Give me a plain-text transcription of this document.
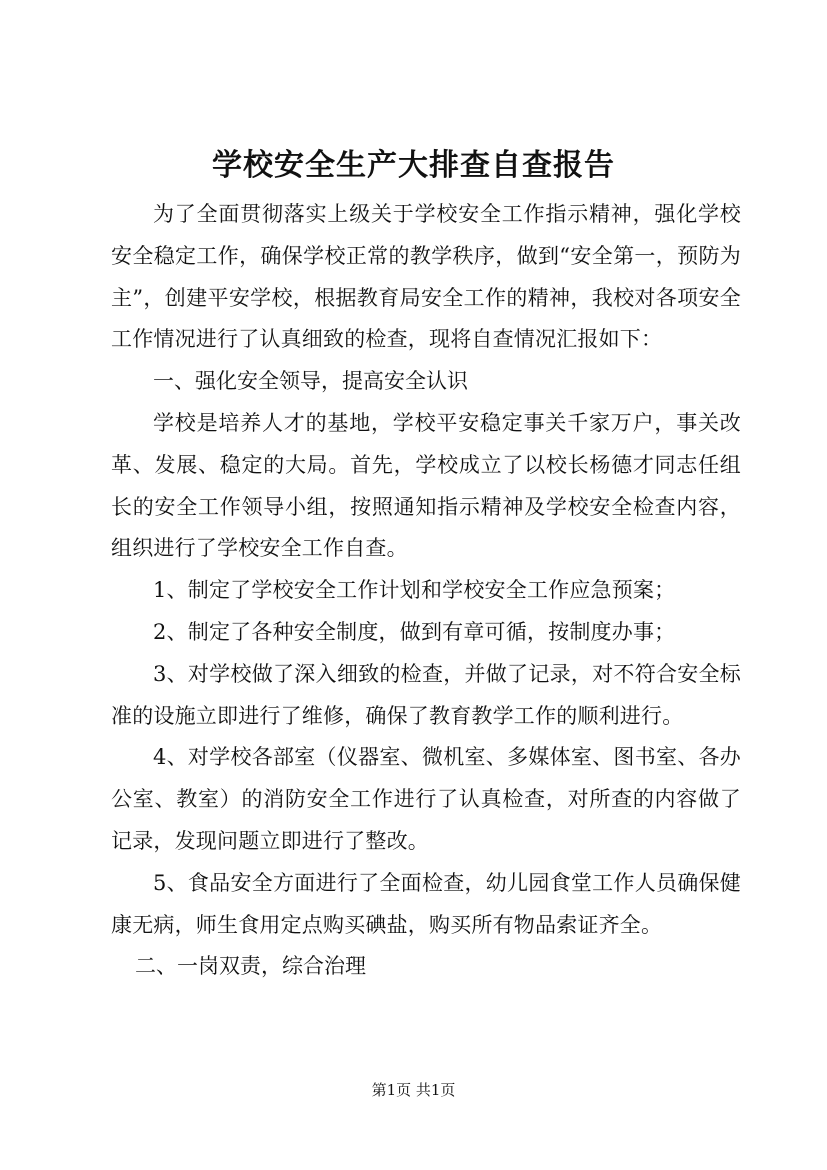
学校安全生产大排查自查报告

为了全面贯彻落实上级关于学校安全工作指示精神，强化学校安全稳定工作，确保学校正常的教学秩序，做到“安全第一，预防为主”，创建平安学校，根据教育局安全工作的精神，我校对各项安全工作情况进行了认真细致的检查，现将自查情况汇报如下：

一、强化安全领导，提高安全认识

学校是培养人才的基地，学校平安稳定事关千家万户，事关改革、发展、稳定的大局。首先，学校成立了以校长杨德才同志任组长的安全工作领导小组，按照通知指示精神及学校安全检查内容，组织进行了学校安全工作自查。

1、制定了学校安全工作计划和学校安全工作应急预案；

2、制定了各种安全制度，做到有章可循，按制度办事；

3、对学校做了深入细致的检查，并做了记录，对不符合安全标准的设施立即进行了维修，确保了教育教学工作的顺利进行。

4、对学校各部室（仪器室、微机室、多媒体室、图书室、各办公室、教室）的消防安全工作进行了认真检查，对所查的内容做了记录，发现问题立即进行了整改。

5、食品安全方面进行了全面检查，幼儿园食堂工作人员确保健康无病，师生食用定点购买碘盐，购买所有物品索证齐全。

二、一岗双责，综合治理

第1页 共1页
